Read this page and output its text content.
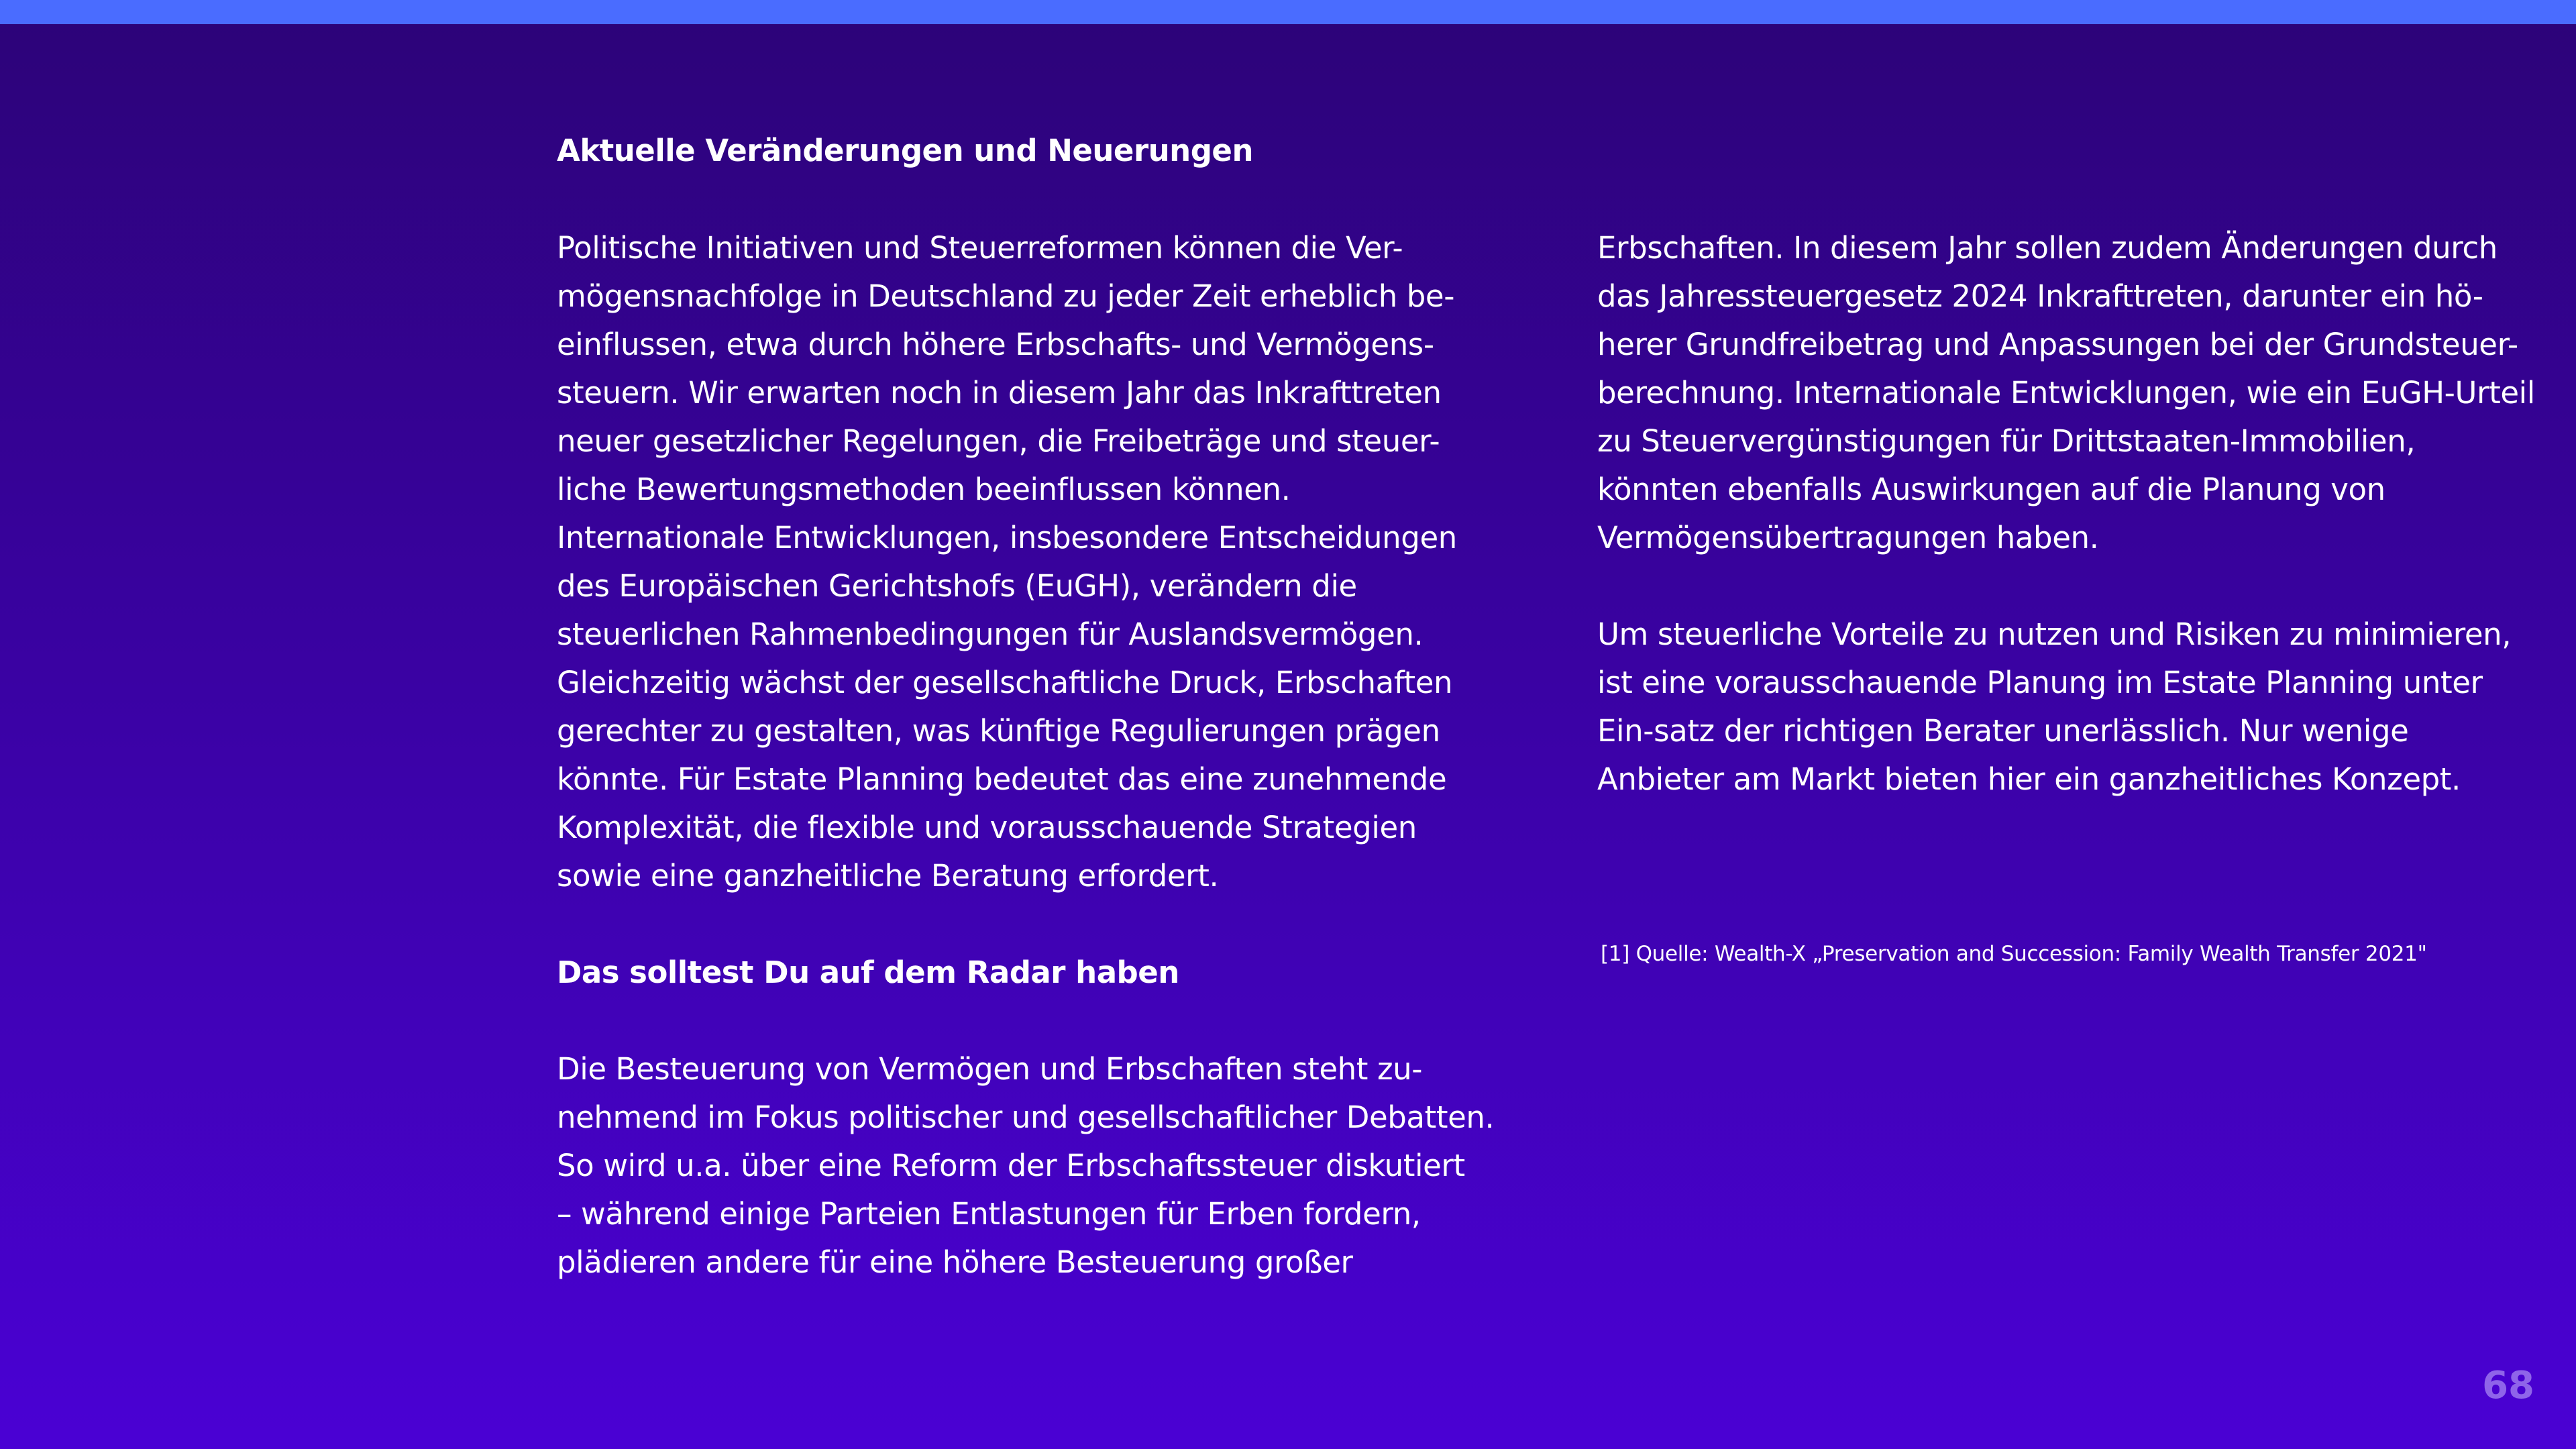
Aktuelle Veränderungen und Neuerungen
Politische Initiativen und Steuerreformen können die Ver-
mögensnachfolge in Deutschland zu jeder Zeit erheblich be-
einflussen, etwa durch höhere Erbschafts- und Vermögens-
steuern. Wir erwarten noch in diesem Jahr das Inkrafttreten
neuer gesetzlicher Regelungen, die Freibeträge und steuer-
liche Bewertungsmethoden beeinflussen können.
Internationale Entwicklungen, insbesondere Entscheidungen
des Europäischen Gerichtshofs (EuGH), verändern die
steuerlichen Rahmenbedingungen für Auslandsvermögen.
Gleichzeitig wächst der gesellschaftliche Druck, Erbschaften
gerechter zu gestalten, was künftige Regulierungen prägen
könnte. Für Estate Planning bedeutet das eine zunehmende
Komplexität, die flexible und vorausschauende Strategien
sowie eine ganzheitliche Beratung erfordert.
Das solltest Du auf dem Radar haben
Die Besteuerung von Vermögen und Erbschaften steht zu-
nehmend im Fokus politischer und gesellschaftlicher Debatten.
So wird u.a. über eine Reform der Erbschaftssteuer diskutiert
– während einige Parteien Entlastungen für Erben fordern,
plädieren andere für eine höhere Besteuerung großer
Erbschaften. In diesem Jahr sollen zudem Änderungen durch
das Jahressteuergesetz 2024 Inkrafttreten, darunter ein hö-
herer Grundfreibetrag und Anpassungen bei der Grundsteuer-
berechnung. Internationale Entwicklungen, wie ein EuGH-Urteil
zu Steuervergünstigungen für Drittstaaten-Immobilien,
könnten ebenfalls Auswirkungen auf die Planung von
Vermögensübertragungen haben.
Um steuerliche Vorteile zu nutzen und Risiken zu minimieren,
ist eine vorausschauende Planung im Estate Planning unter
Ein-satz der richtigen Berater unerlässlich. Nur wenige
Anbieter am Markt bieten hier ein ganzheitliches Konzept.
[1] Quelle: Wealth-X „Preservation and Succession: Family Wealth Transfer 2021"
68
